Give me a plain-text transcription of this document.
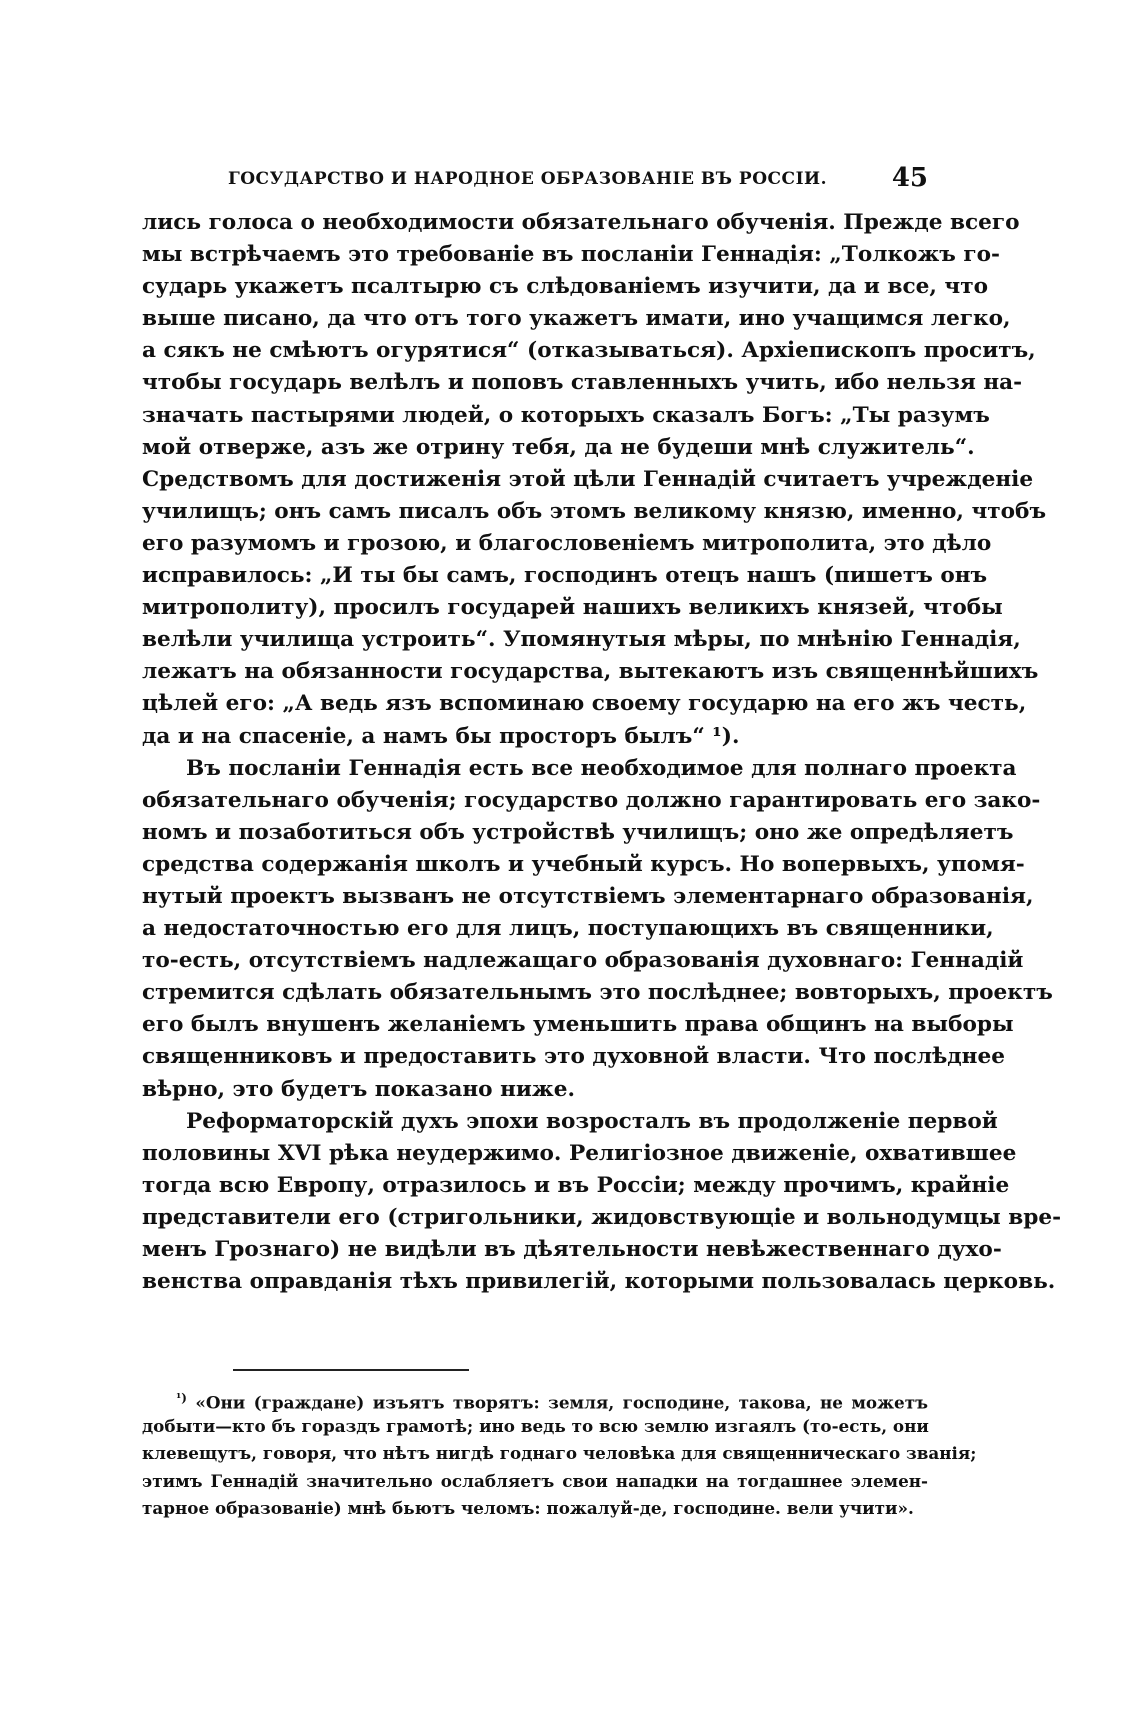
ГОСУДАРСТВО И НАРОДНОЕ ОБРАЗОВАНІЕ ВЪ РОССІИ. 45
лись голоса о необходимости обязательнаго обученія. Прежде всего
мы встрѣчаемъ это требованіе въ посланіи Геннадія: „Толкожъ го-
сударь укажетъ псалтырю съ слѣдованіемъ изучити, да и все, что
выше писано, да что отъ того укажетъ имати, ино учащимся легко,
а сякъ не смѣютъ огурятися“ (отказываться). Архіепископъ проситъ,
чтобы государь велѣлъ и поповъ ставленныхъ учить, ибо нельзя на-
значать пастырями людей, о которыхъ сказалъ Богъ: „Ты разумъ
мой отверже, азъ же отрину тебя, да не будеши мнѣ служитель“.
Средствомъ для достиженія этой цѣли Геннадій считаетъ учрежденіе
училищъ; онъ самъ писалъ объ этомъ великому князю, именно, чтобъ
его разумомъ и грозою, и благословеніемъ митрополита, это дѣло
исправилось: „И ты бы самъ, господинъ отецъ нашъ (пишетъ онъ
митрополиту), просилъ государей нашихъ великихъ князей, чтобы
велѣли училища устроить“. Упомянутыя мѣры, по мнѣнію Геннадія,
лежатъ на обязанности государства, вытекаютъ изъ священнѣйшихъ
цѣлей его: „А ведь язъ вспоминаю своему государю на его жъ честь,
да и на спасеніе, а намъ бы просторъ былъ“ ¹).
Въ посланіи Геннадія есть все необходимое для полнаго проекта
обязательнаго обученія; государство должно гарантировать его зако-
номъ и позаботиться объ устройствѣ училищъ; оно же опредѣляетъ
средства содержанія школъ и учебный курсъ. Но вопервыхъ, упомя-
нутый проектъ вызванъ не отсутствіемъ элементарнаго образованія,
а недостаточностью его для лицъ, поступающихъ въ священники,
то-есть, отсутствіемъ надлежащаго образованія духовнаго: Геннадій
стремится сдѣлать обязательнымъ это послѣднее; вовторыхъ, проектъ
его былъ внушенъ желаніемъ уменьшить права общинъ на выборы
священниковъ и предоставить это духовной власти. Что послѣднее
вѣрно, это будетъ показано ниже.
Реформаторскій духъ эпохи возросталъ въ продолженіе первой
половины XVI рѣка неудержимо. Религіозное движеніе, охватившее
тогда всю Европу, отразилось и въ Россіи; между прочимъ, крайніе
представители его (стригольники, жидовствующіе и вольнодумцы вре-
менъ Грознаго) не видѣли въ дѣятельности невѣжественнаго духо-
венства оправданія тѣхъ привилегій, которыми пользовалась церковь.
$^{^1)}$ «Они (граждане) изъятъ творятъ: земля, господине, такова, не можетъ
добыти—кто бъ гораздъ грамотѣ; ино ведь то всю землю изгаялъ (то-есть, они
клевещутъ, говоря, что нѣтъ нигдѣ годнаго человѣка для священническаго званія;
этимъ Геннадій значительно ослабляетъ свои нападки на тогдашнее элемен-
тарное образованіе) мнѣ бьютъ челомъ: пожалуй-де, господине. вели учити».
